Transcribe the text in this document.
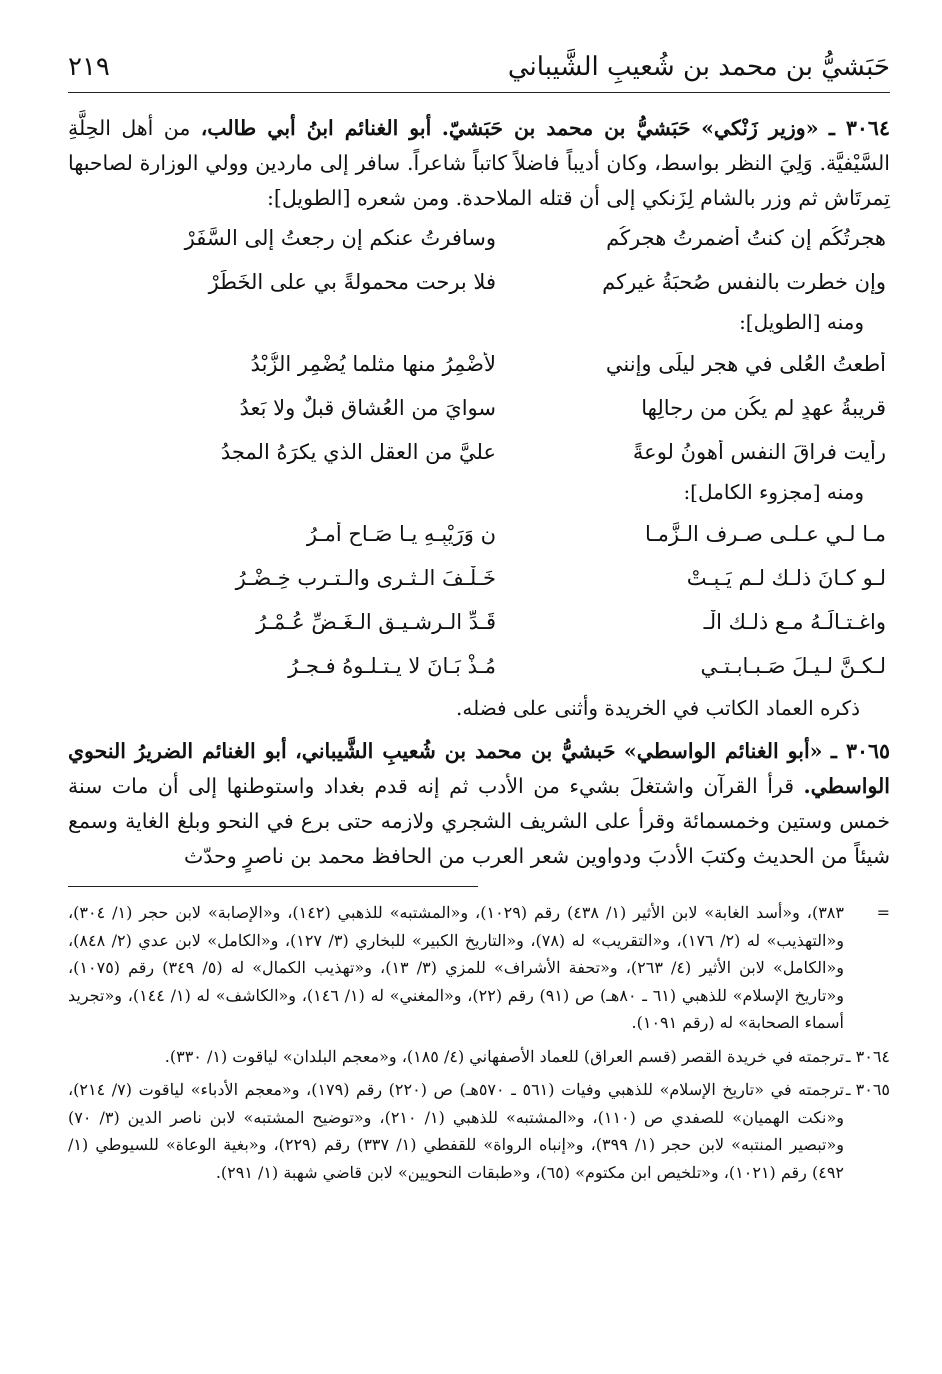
حَبَشيُّ بن محمد بن شُعيبِ الشَّيباني
٢١٩

٣٠٦٤ ـ «وزير زَنْكي» حَبَشيُّ بن محمد بن حَبَشيّ. أبو الغنائم ابنُ أبي طالب، من أهل الحِلَّةِ السَّيْفيَّة. وَلِيَ النظر بواسط، وكان أديباً فاضلاً كاتباً شاعراً. سافر إلى ماردين وولي الوزارة لصاحبها تِمرتَاش ثم وزر بالشام لِزَنكي إلى أن قتله الملاحدة. ومن شعره [الطويل]:

هجرتُكُم إن كنتُ أضمرتُ هجركُم
وسافرتُ عنكم إن رجعتُ إلى السَّفَرْ
وإن خطرت بالنفسِ صُحبَةُ غيركم
فلا برحت محمولةً بي على الخَطَرْ
ومنه [الطويل]:
أطعتُ العُلى في هجر ليلَى وإنني
لأُضْمِرُ منها مثلما يُضْمِرِ الزُّبْدُ
قريبةُ عهدٍ لم يكُن من رجالِها
سوايَ من العُشاقِ قبلٌ ولا بَعدُ
رأيت فراقَ النفسِ أهونُ لوعةً
عليَّ من العقل الذي يكرَهُ المجدُ
ومنه [مجزوء الكامل]:
مـا لـي عـلـى صـرف الـزَّمـا
نِ وَرَيْبِـهِ يـا صَـاحِ أمـرُ
لـو كـانَ ذلـك لـم يَـبِـتْ
خَـلْـفَ الـثـرى والـتـرب خِـضْـرُ
واغـتـالَـهُ مـع ذلـك الْـ
قَـدِّ الـرشـيـقِ الـغَـضِّ عُـمْـرُ
لـكـنَّ لـيـلَ صَـبـابـتـي
مُـذْ بَـانَ لا يـتـلـوهُ فـجـرُ
ذكره العماد الكاتب في الخريدة وأثنى على فضله.

٣٠٦٥ ـ «أبو الغنائم الواسطي» حَبشيُّ بن محمد بن شُعيبِ الشَّيباني، أبو الغنائم الضريرُ النحوي الواسطي. قرأ القرآن واشتغلَ بشيء من الأدب ثم إنه قدم بغداد واستوطنها إلى أن مات سنة خمس وستين وخمسمائة وقرأ على الشريف الشجري ولازمه حتى برع في النحو وبلغ الغاية وسمع شيئاً من الحديث وكتبَ الأدبَ ودواوين شعر العرب من الحافظ محمد بن ناصرٍ وحدّث

=
٣٨٣)، و«أسد الغابة» لابن الأثير (١/ ٤٣٨) رقم (١٠٢٩)، و«المشتبه» للذهبي (١٤٢)، و«الإصابة» لابن حجر (١/ ٣٠٤)، و«التهذيب» له (٢/ ١٧٦)، و«التقريب» له (٧٨)، و«التاريخ الكبير» للبخاري (٣/ ١٢٧)، و«الكامل» لابن عدي (٢/ ٨٤٨)، و«الكامل» لابن الأثير (٤/ ٢٦٣)، و«تحفة الأشراف» للمزي (٣/ ١٣)، و«تهذيب الكمال» له (٥/ ٣٤٩) رقم (١٠٧٥)، و«تاريخ الإسلام» للذهبي (٦١ ـ ٨٠هـ) ص (٩١) رقم (٢٢)، و«المغني» له (١/ ١٤٦)، و«الكاشف» له (١/ ١٤٤)، و«تجريد أسماء الصحابة» له (رقم ١٠٩١).
٣٠٦٤ ـ
ترجمته في خريدة القصر (قسم العراق) للعماد الأصفهاني (٤/ ١٨٥)، و«معجم البلدان» لياقوت (١/ ٣٣٠).
٣٠٦٥ ـ
ترجمته في «تاريخ الإسلام» للذهبي وفيات (٥٦١ ـ ٥٧٠هـ) ص (٢٢٠) رقم (١٧٩)، و«معجم الأدباء» لياقوت (٧/ ٢١٤)، و«نكت الهميان» للصفدي ص (١١٠)، و«المشتبه» للذهبي (١/ ٢١٠)، و«توضيح المشتبه» لابن ناصر الدين (٣/ ٧٠) و«تبصير المنتبه» لابن حجر (١/ ٣٩٩)، و«إنباه الرواة» للقفطي (١/ ٣٣٧) رقم (٢٢٩)، و«بغية الوعاة» للسيوطي (١/ ٤٩٢) رقم (١٠٢١)، و«تلخيص ابن مكتوم» (٦٥)، و«طبقات النحويين» لابن قاضي شهبة (١/ ٢٩١).
